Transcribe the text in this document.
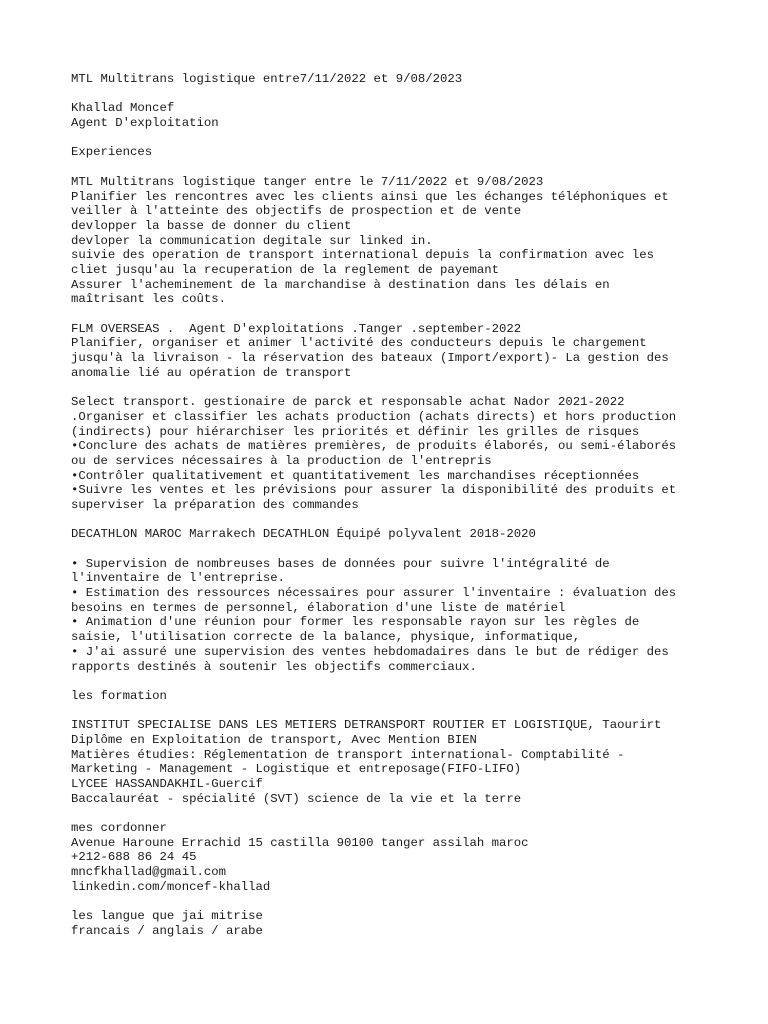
MTL Multitrans logistique entre7/11/2022 et 9/08/2023
Khallad Moncef
Agent D'exploitation
Experiences
MTL Multitrans logistique tanger entre le 7/11/2022 et 9/08/2023
Planifier les rencontres avec les clients ainsi que les échanges téléphoniques et
veiller à l'atteinte des objectifs de prospection et de vente
devlopper la basse de donner du client
devloper la communication degitale sur linked in.
suivie des operation de transport international depuis la confirmation avec les
cliet jusqu'au la recuperation de la reglement de payemant
Assurer l'acheminement de la marchandise à destination dans les délais en
maîtrisant les coûts.
FLM OVERSEAS .  Agent D'exploitations .Tanger .september-2022
Planifier, organiser et animer l'activité des conducteurs depuis le chargement
jusqu'à la livraison - la réservation des bateaux (Import/export)- La gestion des
anomalie lié au opération de transport
Select transport. gestionaire de parck et responsable achat Nador 2021-2022
.Organiser et classifier les achats production (achats directs) et hors production
(indirects) pour hiérarchiser les priorités et définir les grilles de risques
•Conclure des achats de matières premières, de produits élaborés, ou semi-élaborés
ou de services nécessaires à la production de l'entrepris
•Contrôler qualitativement et quantitativement les marchandises réceptionnées
•Suivre les ventes et les prévisions pour assurer la disponibilité des produits et
superviser la préparation des commandes
DECATHLON MAROC Marrakech DECATHLON Équipé polyvalent 2018-2020
• Supervision de nombreuses bases de données pour suivre l'intégralité de
l'inventaire de l'entreprise.
• Estimation des ressources nécessaires pour assurer l'inventaire : évaluation des
besoins en termes de personnel, élaboration d'une liste de matériel
• Animation d'une réunion pour former les responsable rayon sur les règles de
saisie, l'utilisation correcte de la balance, physique, informatique,
• J'ai assuré une supervision des ventes hebdomadaires dans le but de rédiger des
rapports destinés à soutenir les objectifs commerciaux.
les formation
INSTITUT SPECIALISE DANS LES METIERS DETRANSPORT ROUTIER ET LOGISTIQUE, Taourirt
Diplôme en Exploitation de transport, Avec Mention BIEN
Matières étudies: Réglementation de transport international- Comptabilité -
Marketing - Management - Logistique et entreposage(FIFO-LIFO)
LYCEE HASSANDAKHIL-Guercif
Baccalauréat - spécialité (SVT) science de la vie et la terre
mes cordonner
Avenue Haroune Errachid 15 castilla 90100 tanger assilah maroc
+212-688 86 24 45
mncfkhallad@gmail.com
linkedin.com/moncef-khallad
les langue que jai mitrise
francais / anglais / arabe
